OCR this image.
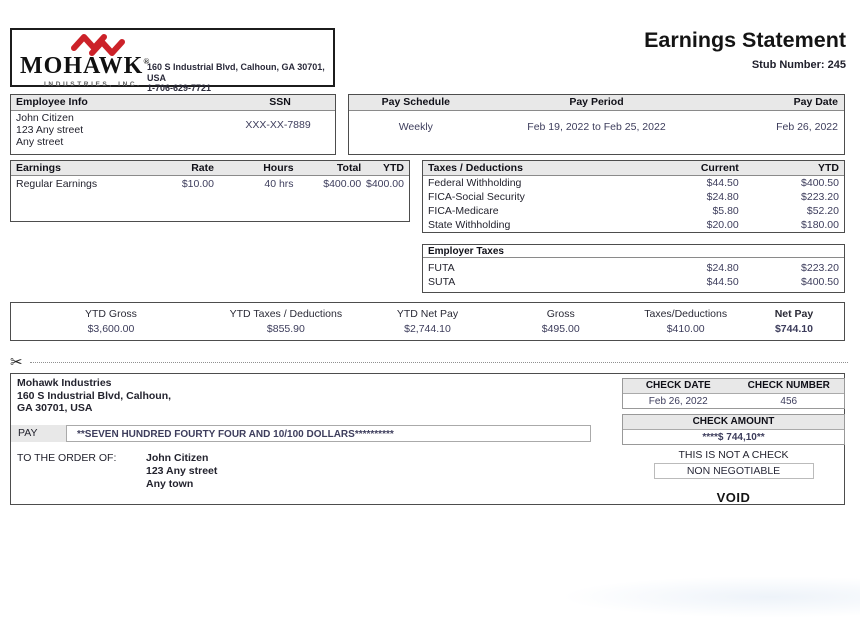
MOHAWK®
INDUSTRIES, INC.
160 S Industrial Blvd, Calhoun, GA 30701, USA
1-706-629-7721
Earnings Statement
Stub Number: 245
Employee Info	SSN
John Citizen
123 Any street
Any street
XXX-XX-7889
Pay Schedule	Pay Period	Pay Date
Weekly	Feb 19, 2022 to Feb 25, 2022	Feb 26, 2022
Earnings	Rate	Hours	Total	YTD
Regular Earnings	$10.00	40 hrs	$400.00 $400.00
Taxes / Deductions	Current	YTD
Federal Withholding	$44.50	$400.50
FICA-Social Security	$24.80	$223.20
FICA-Medicare	$5.80	$52.20
State Withholding	$20.00	$180.00
Employer Taxes
FUTA	$24.80	$223.20
SUTA	$44.50	$400.50
YTD Gross	YTD Taxes / Deductions	YTD Net Pay	Gross	Taxes/Deductions	Net Pay
$3,600.00	$855.90	$2,744.10	$495.00	$410.00	$744.10
✂
Mohawk Industries
160 S Industrial Blvd, Calhoun,
GA 30701, USA
CHECK DATE	CHECK NUMBER
Feb 26, 2022	456
CHECK AMOUNT
****$ 744,10**
PAY	**SEVEN HUNDRED FOURTY FOUR AND 10/100 DOLLARS**********
TO THE ORDER OF:	John Citizen
123 Any street
Any town
THIS IS NOT A CHECK
NON NEGOTIABLE
VOID
